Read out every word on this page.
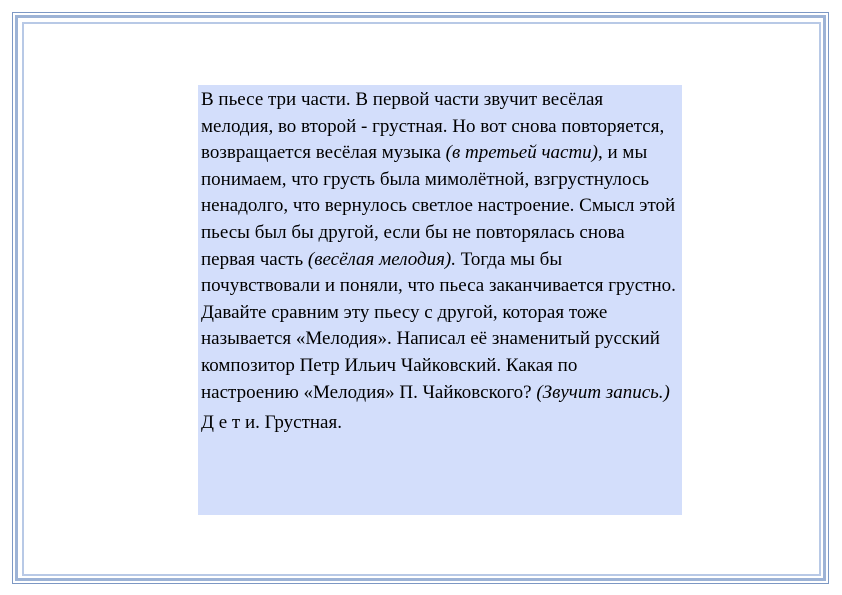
В пьесе три части. В первой части звучит весёлая мелодия, во второй - грустная. Но вот снова повторяется, возвращается весёлая музыка (в третьей части), и мы понимаем, что грусть была мимолётной, взгрустнулось ненадолго, что вернулось светлое настроение. Смысл этой пьесы был бы другой, если бы не повторялась снова первая часть (весёлая мелодия). Тогда мы бы почувствовали и поняли, что пьеса заканчивается грустно.

Давайте сравним эту пьесу с другой, которая тоже называется «Мелодия». Написал её знаменитый русский композитор Петр Ильич Чайковский. Какая по настроению «Мелодия» П. Чайковского? (Звучит запись.)

Д е т и. Грустная.
